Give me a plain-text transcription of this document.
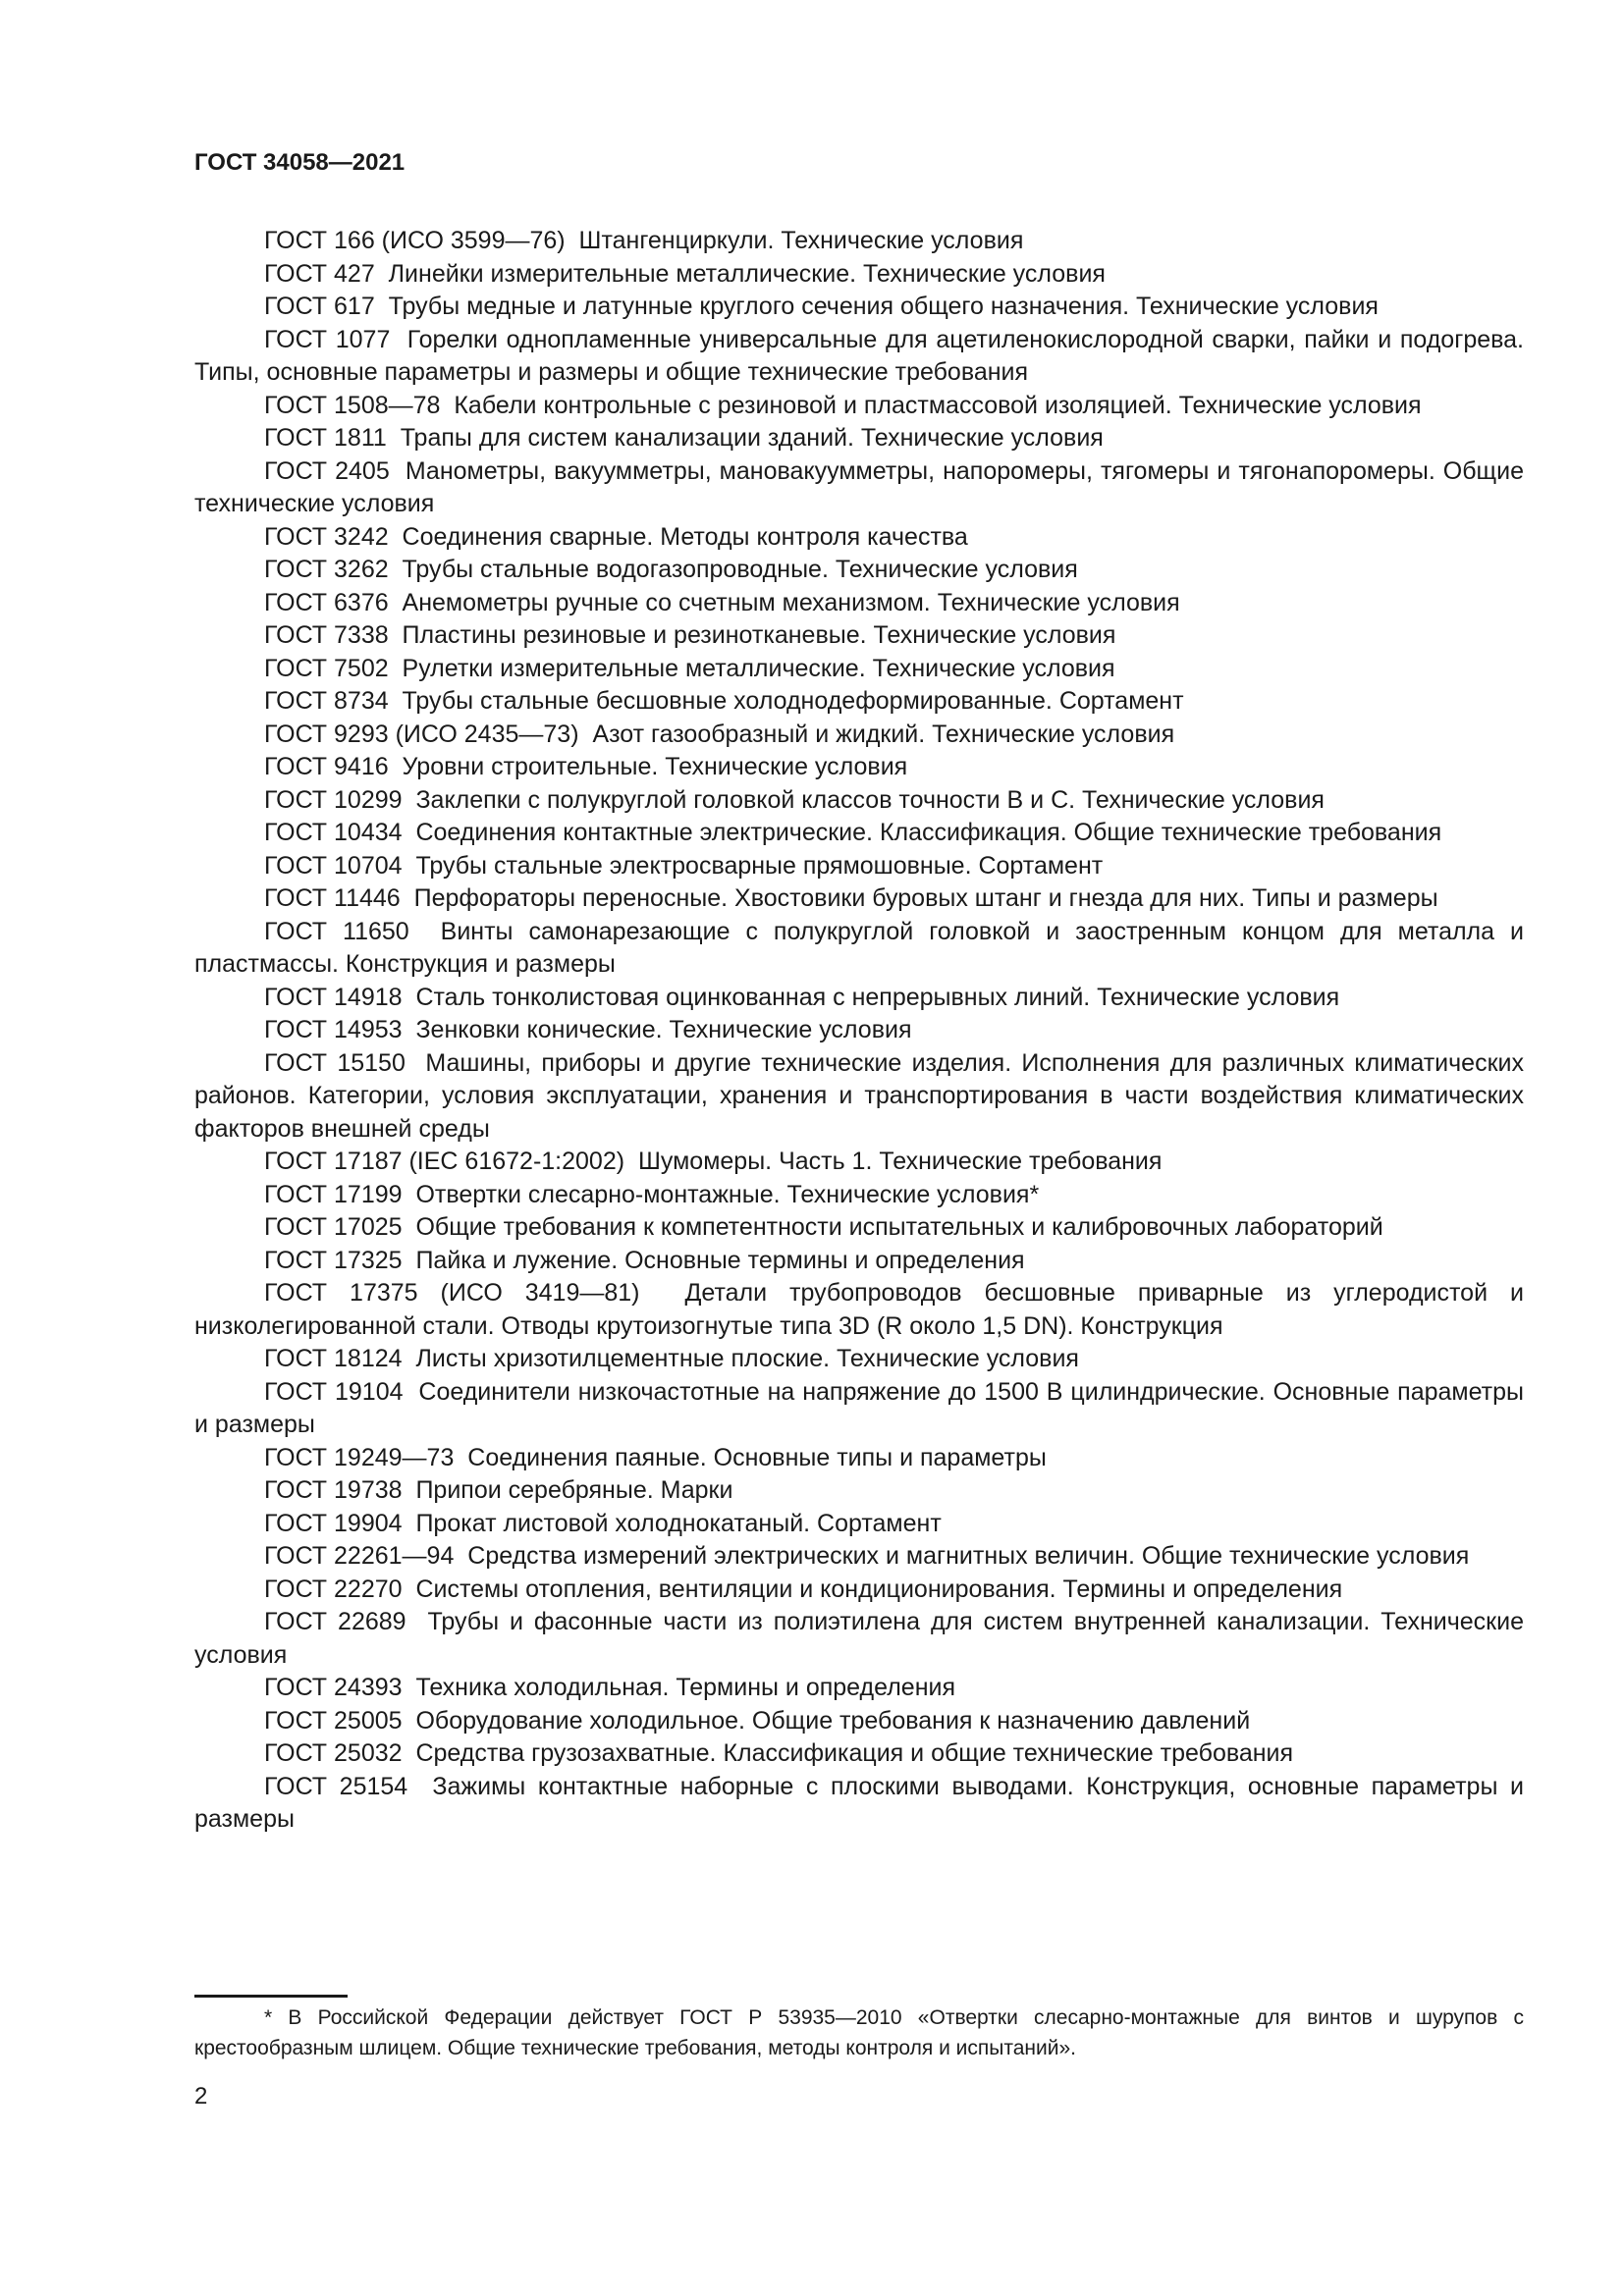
ГОСТ 34058—2021
ГОСТ 166 (ИСО 3599—76) Штангенциркули. Технические условия
ГОСТ 427 Линейки измерительные металлические. Технические условия
ГОСТ 617 Трубы медные и латунные круглого сечения общего назначения. Технические условия
ГОСТ 1077 Горелки однопламенные универсальные для ацетиленокислородной сварки, пайки и подогрева. Типы, основные параметры и размеры и общие технические требования
ГОСТ 1508—78 Кабели контрольные с резиновой и пластмассовой изоляцией. Технические условия
ГОСТ 1811 Трапы для систем канализации зданий. Технические условия
ГОСТ 2405 Манометры, вакуумметры, мановакуумметры, напоромеры, тягомеры и тягонапоромеры. Общие технические условия
ГОСТ 3242 Соединения сварные. Методы контроля качества
ГОСТ 3262 Трубы стальные водогазопроводные. Технические условия
ГОСТ 6376 Анемометры ручные со счетным механизмом. Технические условия
ГОСТ 7338 Пластины резиновые и резинотканевые. Технические условия
ГОСТ 7502 Рулетки измерительные металлические. Технические условия
ГОСТ 8734 Трубы стальные бесшовные холоднодеформированные. Сортамент
ГОСТ 9293 (ИСО 2435—73) Азот газообразный и жидкий. Технические условия
ГОСТ 9416 Уровни строительные. Технические условия
ГОСТ 10299 Заклепки с полукруглой головкой классов точности В и С. Технические условия
ГОСТ 10434 Соединения контактные электрические. Классификация. Общие технические требования
ГОСТ 10704 Трубы стальные электросварные прямошовные. Сортамент
ГОСТ 11446 Перфораторы переносные. Хвостовики буровых штанг и гнезда для них. Типы и размеры
ГОСТ 11650 Винты самонарезающие с полукруглой головкой и заостренным концом для металла и пластмассы. Конструкция и размеры
ГОСТ 14918 Сталь тонколистовая оцинкованная с непрерывных линий. Технические условия
ГОСТ 14953 Зенковки конические. Технические условия
ГОСТ 15150 Машины, приборы и другие технические изделия. Исполнения для различных климатических районов. Категории, условия эксплуатации, хранения и транспортирования в части воздействия климатических факторов внешней среды
ГОСТ 17187 (IEC 61672-1:2002) Шумомеры. Часть 1. Технические требования
ГОСТ 17199 Отвертки слесарно-монтажные. Технические условия*
ГОСТ 17025 Общие требования к компетентности испытательных и калибровочных лабораторий
ГОСТ 17325 Пайка и лужение. Основные термины и определения
ГОСТ 17375 (ИСО 3419—81) Детали трубопроводов бесшовные приварные из углеродистой и низколегированной стали. Отводы крутоизогнутые типа 3D (R около 1,5 DN). Конструкция
ГОСТ 18124 Листы хризотилцементные плоские. Технические условия
ГОСТ 19104 Соединители низкочастотные на напряжение до 1500 В цилиндрические. Основные параметры и размеры
ГОСТ 19249—73 Соединения паяные. Основные типы и параметры
ГОСТ 19738 Припои серебряные. Марки
ГОСТ 19904 Прокат листовой холоднокатаный. Сортамент
ГОСТ 22261—94 Средства измерений электрических и магнитных величин. Общие технические условия
ГОСТ 22270 Системы отопления, вентиляции и кондиционирования. Термины и определения
ГОСТ 22689 Трубы и фасонные части из полиэтилена для систем внутренней канализации. Технические условия
ГОСТ 24393 Техника холодильная. Термины и определения
ГОСТ 25005 Оборудование холодильное. Общие требования к назначению давлений
ГОСТ 25032 Средства грузозахватные. Классификация и общие технические требования
ГОСТ 25154 Зажимы контактные наборные с плоскими выводами. Конструкция, основные параметры и размеры

* В Российской Федерации действует ГОСТ Р 53935—2010 «Отвертки слесарно-монтажные для винтов и шурупов с крестообразным шлицем. Общие технические требования, методы контроля и испытаний».

2
